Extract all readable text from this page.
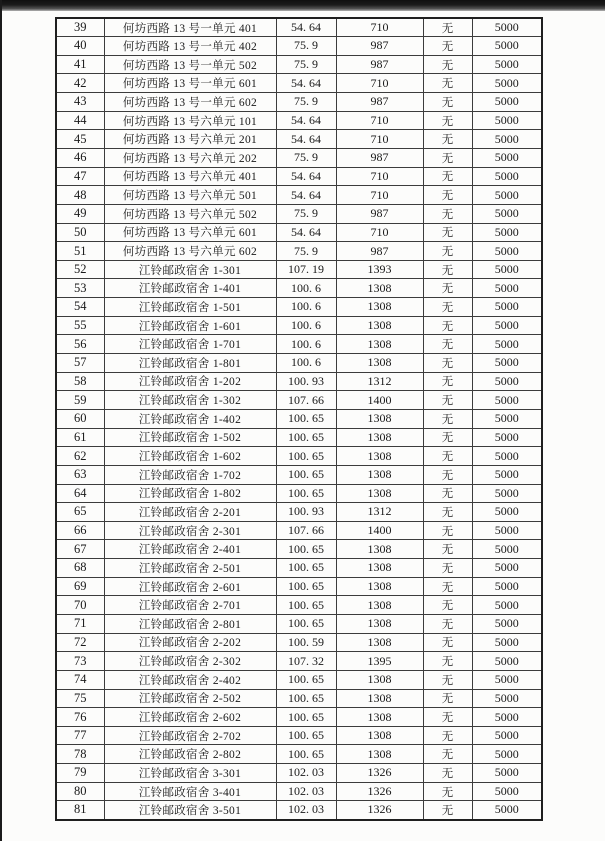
39	何坊西路 13 号一单元 401	54. 64	710	无	5000
40	何坊西路 13 号一单元 402	75. 9	987	无	5000
41	何坊西路 13 号一单元 502	75. 9	987	无	5000
42	何坊西路 13 号一单元 601	54. 64	710	无	5000
43	何坊西路 13 号一单元 602	75. 9	987	无	5000
44	何坊西路 13 号六单元 101	54. 64	710	无	5000
45	何坊西路 13 号六单元 201	54. 64	710	无	5000
46	何坊西路 13 号六单元 202	75. 9	987	无	5000
47	何坊西路 13 号六单元 401	54. 64	710	无	5000
48	何坊西路 13 号六单元 501	54. 64	710	无	5000
49	何坊西路 13 号六单元 502	75. 9	987	无	5000
50	何坊西路 13 号六单元 601	54. 64	710	无	5000
51	何坊西路 13 号六单元 602	75. 9	987	无	5000
52	江铃邮政宿舍 1-301	107. 19	1393	无	5000
53	江铃邮政宿舍 1-401	100. 6	1308	无	5000
54	江铃邮政宿舍 1-501	100. 6	1308	无	5000
55	江铃邮政宿舍 1-601	100. 6	1308	无	5000
56	江铃邮政宿舍 1-701	100. 6	1308	无	5000
57	江铃邮政宿舍 1-801	100. 6	1308	无	5000
58	江铃邮政宿舍 1-202	100. 93	1312	无	5000
59	江铃邮政宿舍 1-302	107. 66	1400	无	5000
60	江铃邮政宿舍 1-402	100. 65	1308	无	5000
61	江铃邮政宿舍 1-502	100. 65	1308	无	5000
62	江铃邮政宿舍 1-602	100. 65	1308	无	5000
63	江铃邮政宿舍 1-702	100. 65	1308	无	5000
64	江铃邮政宿舍 1-802	100. 65	1308	无	5000
65	江铃邮政宿舍 2-201	100. 93	1312	无	5000
66	江铃邮政宿舍 2-301	107. 66	1400	无	5000
67	江铃邮政宿舍 2-401	100. 65	1308	无	5000
68	江铃邮政宿舍 2-501	100. 65	1308	无	5000
69	江铃邮政宿舍 2-601	100. 65	1308	无	5000
70	江铃邮政宿舍 2-701	100. 65	1308	无	5000
71	江铃邮政宿舍 2-801	100. 65	1308	无	5000
72	江铃邮政宿舍 2-202	100. 59	1308	无	5000
73	江铃邮政宿舍 2-302	107. 32	1395	无	5000
74	江铃邮政宿舍 2-402	100. 65	1308	无	5000
75	江铃邮政宿舍 2-502	100. 65	1308	无	5000
76	江铃邮政宿舍 2-602	100. 65	1308	无	5000
77	江铃邮政宿舍 2-702	100. 65	1308	无	5000
78	江铃邮政宿舍 2-802	100. 65	1308	无	5000
79	江铃邮政宿舍 3-301	102. 03	1326	无	5000
80	江铃邮政宿舍 3-401	102. 03	1326	无	5000
81	江铃邮政宿舍 3-501	102. 03	1326	无	5000
